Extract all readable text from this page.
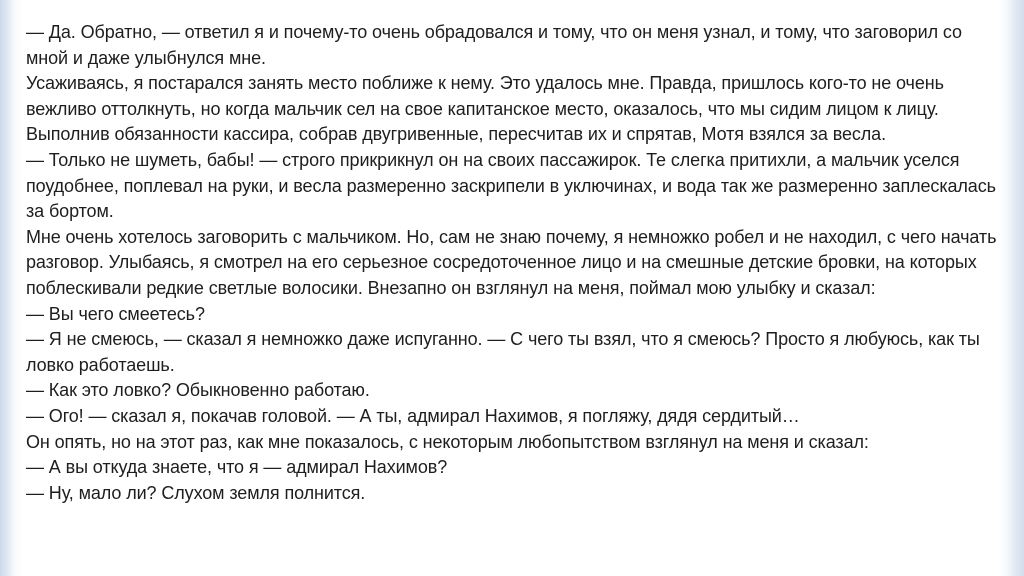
— Да. Обратно, — ответил я и почему-то очень обрадовался и тому, что он меня узнал, и тому, что заговорил со мной и даже улыбнулся мне.

Усаживаясь, я постарался занять место поближе к нему. Это удалось мне. Правда, пришлось кого-то не очень вежливо оттолкнуть, но когда мальчик сел на свое капитанское место, оказалось, что мы сидим лицом к лицу.

Выполнив обязанности кассира, собрав двугривенные, пересчитав их и спрятав, Мотя взялся за весла.

— Только не шуметь, бабы! — строго прикрикнул он на своих пассажирок. Те слегка притихли, а мальчик уселся поудобнее, поплевал на руки, и весла размеренно заскрипели в уключинах, и вода так же размеренно заплескалась за бортом.

Мне очень хотелось заговорить с мальчиком. Но, сам не знаю почему, я немножко робел и не находил, с чего начать разговор. Улыбаясь, я смотрел на его серьезное сосредоточенное лицо и на смешные детские бровки, на которых поблескивали редкие светлые волосики. Внезапно он взглянул на меня, поймал мою улыбку и сказал:

— Вы чего смеетесь?

— Я не смеюсь, — сказал я немножко даже испуганно. — С чего ты взял, что я смеюсь? Просто я любуюсь, как ты ловко работаешь.

— Как это ловко? Обыкновенно работаю.

— Ого! — сказал я, покачав головой. — А ты, адмирал Нахимов, я погляжу, дядя сердитый…

Он опять, но на этот раз, как мне показалось, с некоторым любопытством взглянул на меня и сказал:

— А вы откуда знаете, что я — адмирал Нахимов?

— Ну, мало ли? Слухом земля полнится.
